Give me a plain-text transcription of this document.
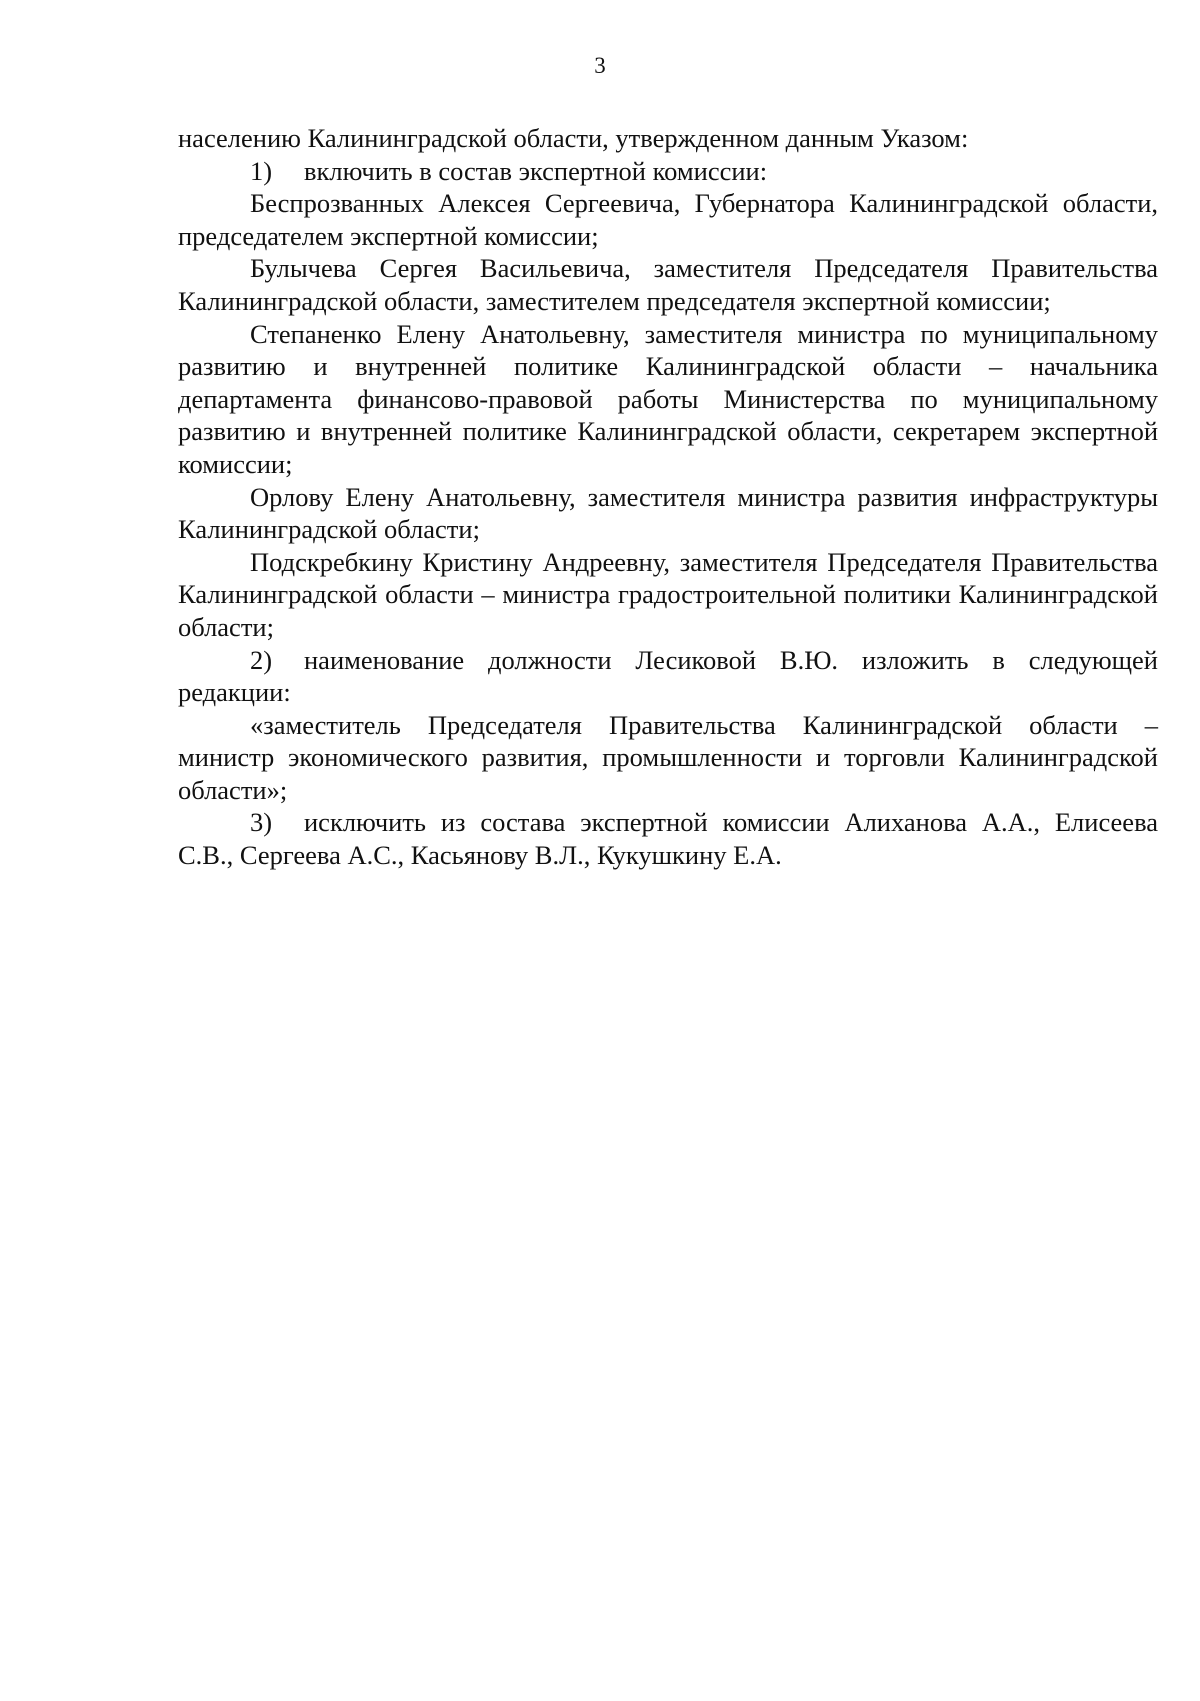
3

населению Калининградской области, утвержденном данным Указом:

1) включить в состав экспертной комиссии:

Беспрозванных Алексея Сергеевича, Губернатора Калининградской области, председателем экспертной комиссии;

Булычева Сергея Васильевича, заместителя Председателя Правительства Калининградской области, заместителем председателя экспертной комиссии;

Степаненко Елену Анатольевну, заместителя министра по муниципальному развитию и внутренней политике Калининградской области – начальника департамента финансово-правовой работы Министерства по муниципальному развитию и внутренней политике Калининградской области, секретарем экспертной комиссии;

Орлову Елену Анатольевну, заместителя министра развития инфраструктуры Калининградской области;

Подскребкину Кристину Андреевну, заместителя Председателя Правительства Калининградской области – министра градостроительной политики Калининградской области;

2) наименование должности Лесиковой В.Ю. изложить в следующей редакции:

«заместитель Председателя Правительства Калининградской области – министр экономического развития, промышленности и торговли Калининградской области»;

3) исключить из состава экспертной комиссии Алиханова А.А., Елисеева С.В., Сергеева А.С., Касьянову В.Л., Кукушкину Е.А.
